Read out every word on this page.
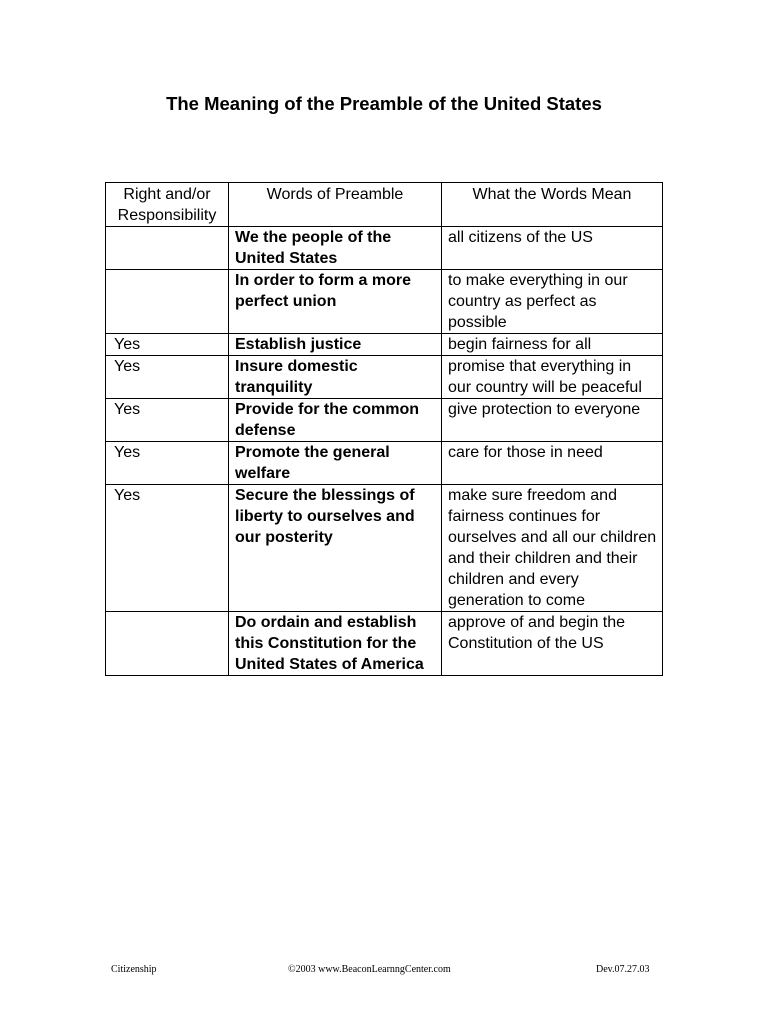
The Meaning of the Preamble of the United States
Right and/or Responsibility	Words of Preamble	What the Words Mean
	We the people of the United States	all citizens of the US
	In order to form a more perfect union	to make everything in our country as perfect as possible
Yes	Establish justice	begin fairness for all
Yes	Insure domestic tranquility	promise that everything in our country will be peaceful
Yes	Provide for the common defense	give protection to everyone
Yes	Promote the general welfare	care for those in need
Yes	Secure the blessings of liberty to ourselves and our posterity	make sure freedom and fairness continues for ourselves and all our children and their children and their children and every generation to come
	Do ordain and establish this Constitution for the United States of America	approve of and begin the Constitution of the US
Citizenship	©2003 www.BeaconLearnngCenter.com	Dev.07.27.03
